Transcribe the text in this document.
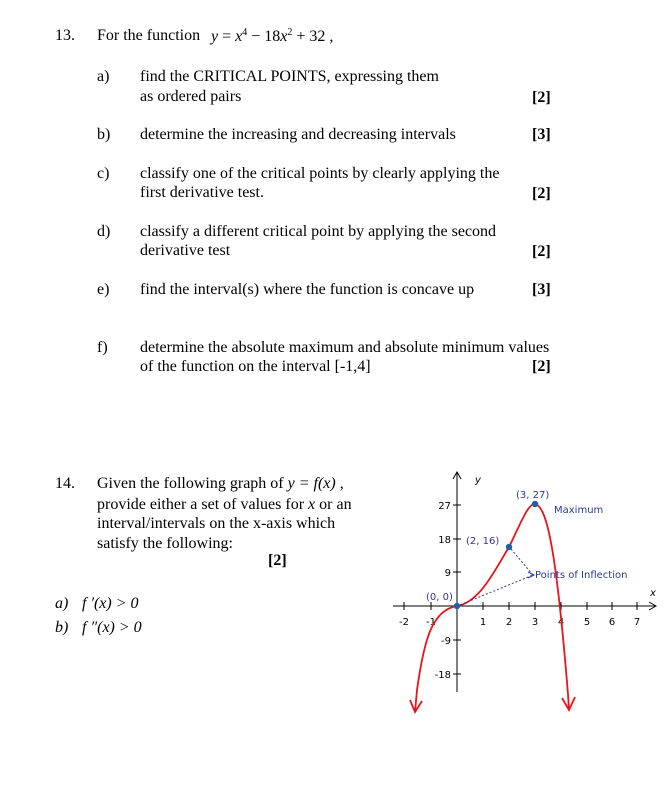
13. For the function $y = x^4 - 18x^2 + 32$ ,
a) find the CRITICAL POINTS, expressing them
as ordered pairs	[2]
b) determine the increasing and decreasing intervals	[3]
c) classify one of the critical points by clearly applying the
first derivative test.	[2]
d) classify a different critical point by applying the second
derivative test	[2]
e) find the interval(s) where the function is concave up	[3]
f) determine the absolute maximum and absolute minimum values
of the function on the interval [-1,4]	[2]
14. Given the following graph of y = f(x) ,
provide either a set of values for x or an
interval/intervals on the x-axis which
satisfy the following:
[2]
a) f ′(x) > 0
b) f ″(x) > 0
y
x
-2 -1	1 2 3 4 5 6 7
27
18
9
-9
-18
(3, 27)
(2, 16)
(0, 0)
Maximum
Points of Inflection
